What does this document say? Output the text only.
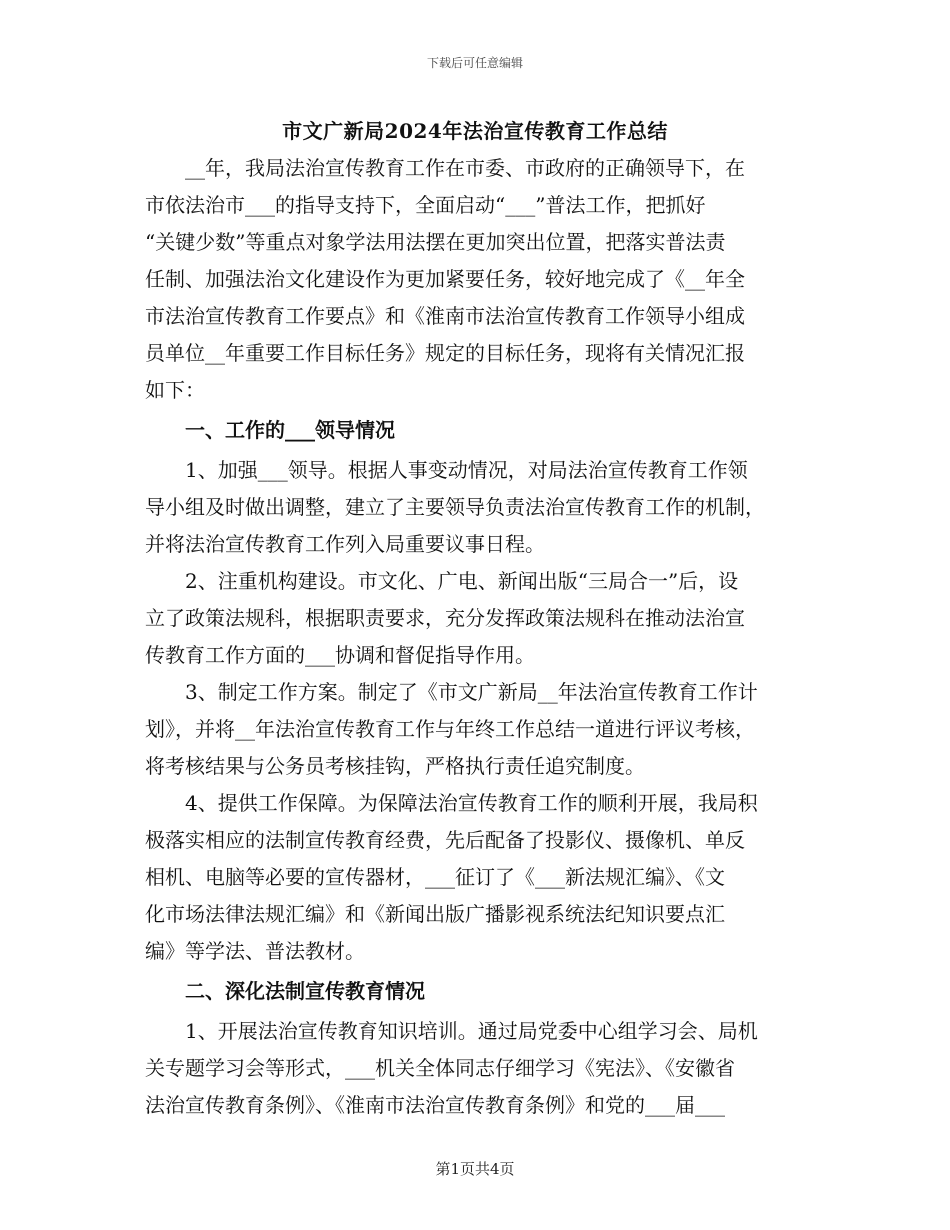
下载后可任意编辑
市文广新局2024年法治宣传教育工作总结
　　__年，我局法治宣传教育工作在市委、市政府的正确领导下，在
市依法治市___的指导支持下，全面启动“___”普法工作，把抓好
“关键少数”等重点对象学法用法摆在更加突出位置，把落实普法责
任制、加强法治文化建设作为更加紧要任务，较好地完成了《__年全
市法治宣传教育工作要点》和《淮南市法治宣传教育工作领导小组成
员单位__年重要工作目标任务》规定的目标任务，现将有关情况汇报
如下：
　　一、工作的___领导情况
　　1、加强___领导。根据人事变动情况，对局法治宣传教育工作领
导小组及时做出调整，建立了主要领导负责法治宣传教育工作的机制，
并将法治宣传教育工作列入局重要议事日程。
　　2、注重机构建设。市文化、广电、新闻出版“三局合一”后，设
立了政策法规科，根据职责要求，充分发挥政策法规科在推动法治宣
传教育工作方面的___协调和督促指导作用。
　　3、制定工作方案。制定了《市文广新局__年法治宣传教育工作计
划》，并将__年法治宣传教育工作与年终工作总结一道进行评议考核，
将考核结果与公务员考核挂钩，严格执行责任追究制度。
　　4、提供工作保障。为保障法治宣传教育工作的顺利开展，我局积
极落实相应的法制宣传教育经费，先后配备了投影仪、摄像机、单反
相机、电脑等必要的宣传器材，___征订了《___新法规汇编》、《文
化市场法律法规汇编》和《新闻出版广播影视系统法纪知识要点汇
编》等学法、普法教材。
　　二、深化法制宣传教育情况
　　1、开展法治宣传教育知识培训。通过局党委中心组学习会、局机
关专题学习会等形式，___机关全体同志仔细学习《宪法》、《安徽省
法治宣传教育条例》、《淮南市法治宣传教育条例》和党的___届___
第1页共4页
